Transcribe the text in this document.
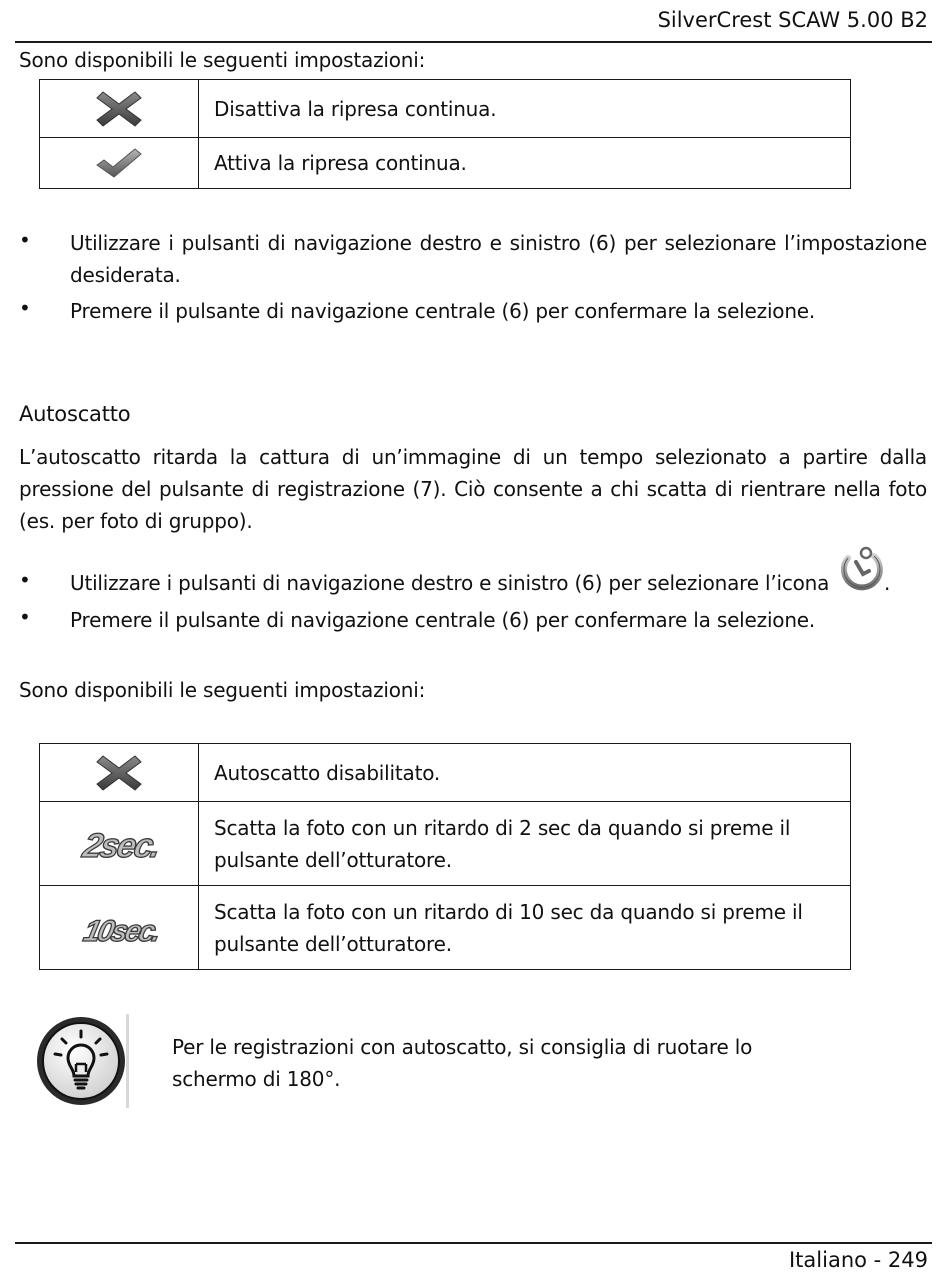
SilverCrest SCAW 5.00 B2
Sono disponibili le seguenti impostazioni:
	Disattiva la ripresa continua.

	Attiva la ripresa continua.
• Utilizzare i pulsanti di navigazione destro e sinistro (6) per selezionare l’impostazione
desiderata.
• Premere il pulsante di navigazione centrale (6) per confermare la selezione.
Autoscatto
L’autoscatto ritarda la cattura di un’immagine di un tempo selezionato a partire dalla
pressione del pulsante di registrazione (7). Ciò consente a chi scatta di rientrare nella foto
(es. per foto di gruppo).
• Utilizzare i pulsanti di navigazione destro e sinistro (6) per selezionare l’icona	.
• Premere il pulsante di navigazione centrale (6) per confermare la selezione.
Sono disponibili le seguenti impostazioni:
	Autoscatto disabilitato.

2sec.	Scatta la foto con un ritardo di 2 sec da quando si preme il
pulsante dell’otturatore.

10sec.	Scatta la foto con un ritardo di 10 sec da quando si preme il
pulsante dell’otturatore.
Per le registrazioni con autoscatto, si consiglia di ruotare lo
schermo di 180°.
Italiano - 249
